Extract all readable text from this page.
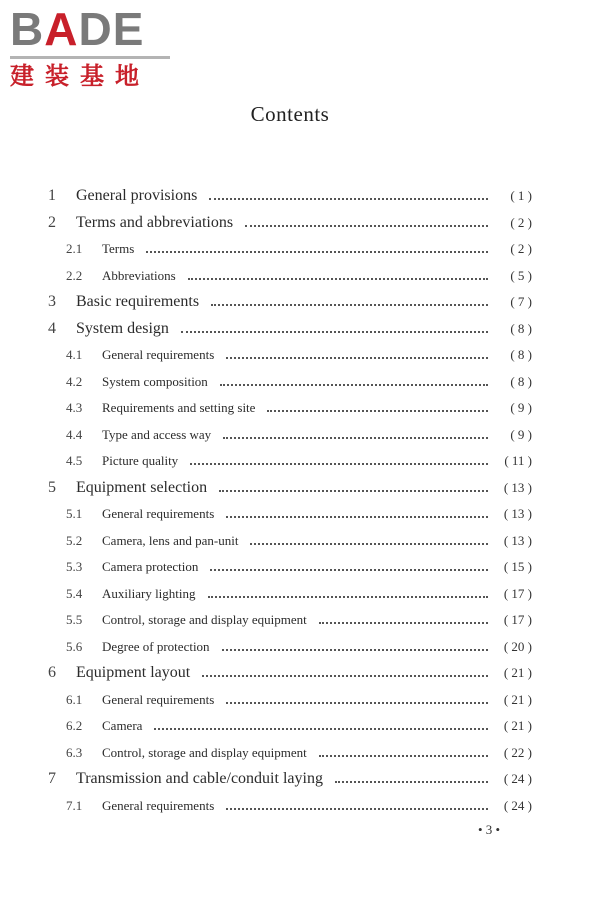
BADE
建装基地
Contents
1	General provisions	( 1 )
2	Terms and abbreviations	( 2 )
2.1	Terms	( 2 )
2.2	Abbreviations	( 5 )
3	Basic requirements	( 7 )
4	System design	( 8 )
4.1	General requirements	( 8 )
4.2	System composition	( 8 )
4.3	Requirements and setting site	( 9 )
4.4	Type and access way	( 9 )
4.5	Picture quality	( 11 )
5	Equipment selection	( 13 )
5.1	General requirements	( 13 )
5.2	Camera, lens and pan-unit	( 13 )
5.3	Camera protection	( 15 )
5.4	Auxiliary lighting	( 17 )
5.5	Control, storage and display equipment	( 17 )
5.6	Degree of protection	( 20 )
6	Equipment layout	( 21 )
6.1	General requirements	( 21 )
6.2	Camera	( 21 )
6.3	Control, storage and display equipment	( 22 )
7	Transmission and cable/conduit laying	( 24 )
7.1	General requirements	( 24 )
• 3 •
